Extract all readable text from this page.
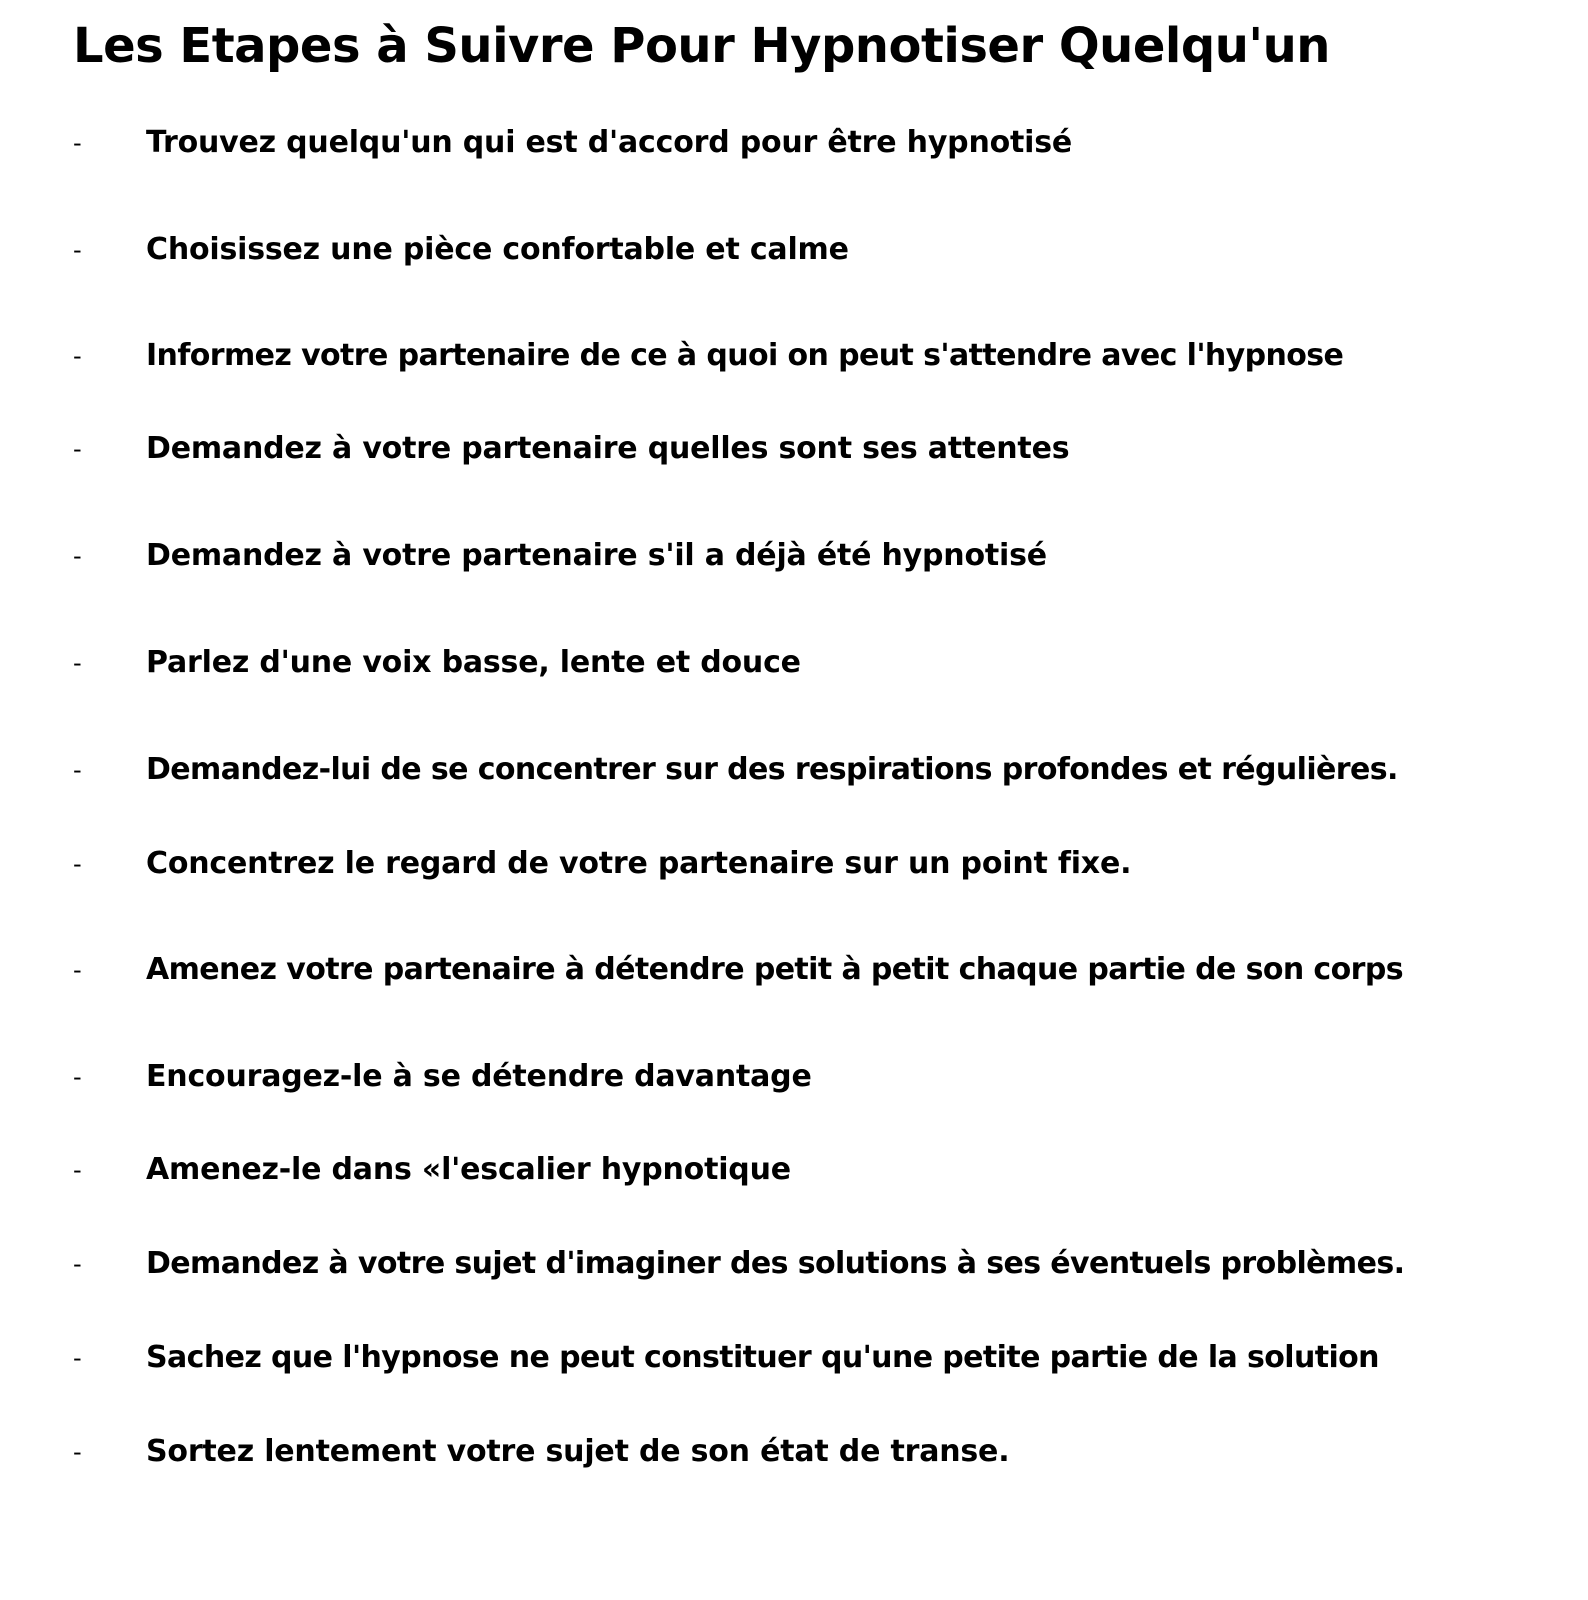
Les Etapes à Suivre Pour Hypnotiser Quelqu'un
- Trouvez quelqu'un qui est d'accord pour être hypnotisé
- Choisissez une pièce confortable et calme
- Informez votre partenaire de ce à quoi on peut s'attendre avec l'hypnose
- Demandez à votre partenaire quelles sont ses attentes
- Demandez à votre partenaire s'il a déjà été hypnotisé
- Parlez d'une voix basse, lente et douce
- Demandez-lui de se concentrer sur des respirations profondes et régulières.
- Concentrez le regard de votre partenaire sur un point fixe.
- Amenez votre partenaire à détendre petit à petit chaque partie de son corps
- Encouragez-le à se détendre davantage
- Amenez-le dans «l'escalier hypnotique
- Demandez à votre sujet d'imaginer des solutions à ses éventuels problèmes.
- Sachez que l'hypnose ne peut constituer qu'une petite partie de la solution
- Sortez lentement votre sujet de son état de transe.
